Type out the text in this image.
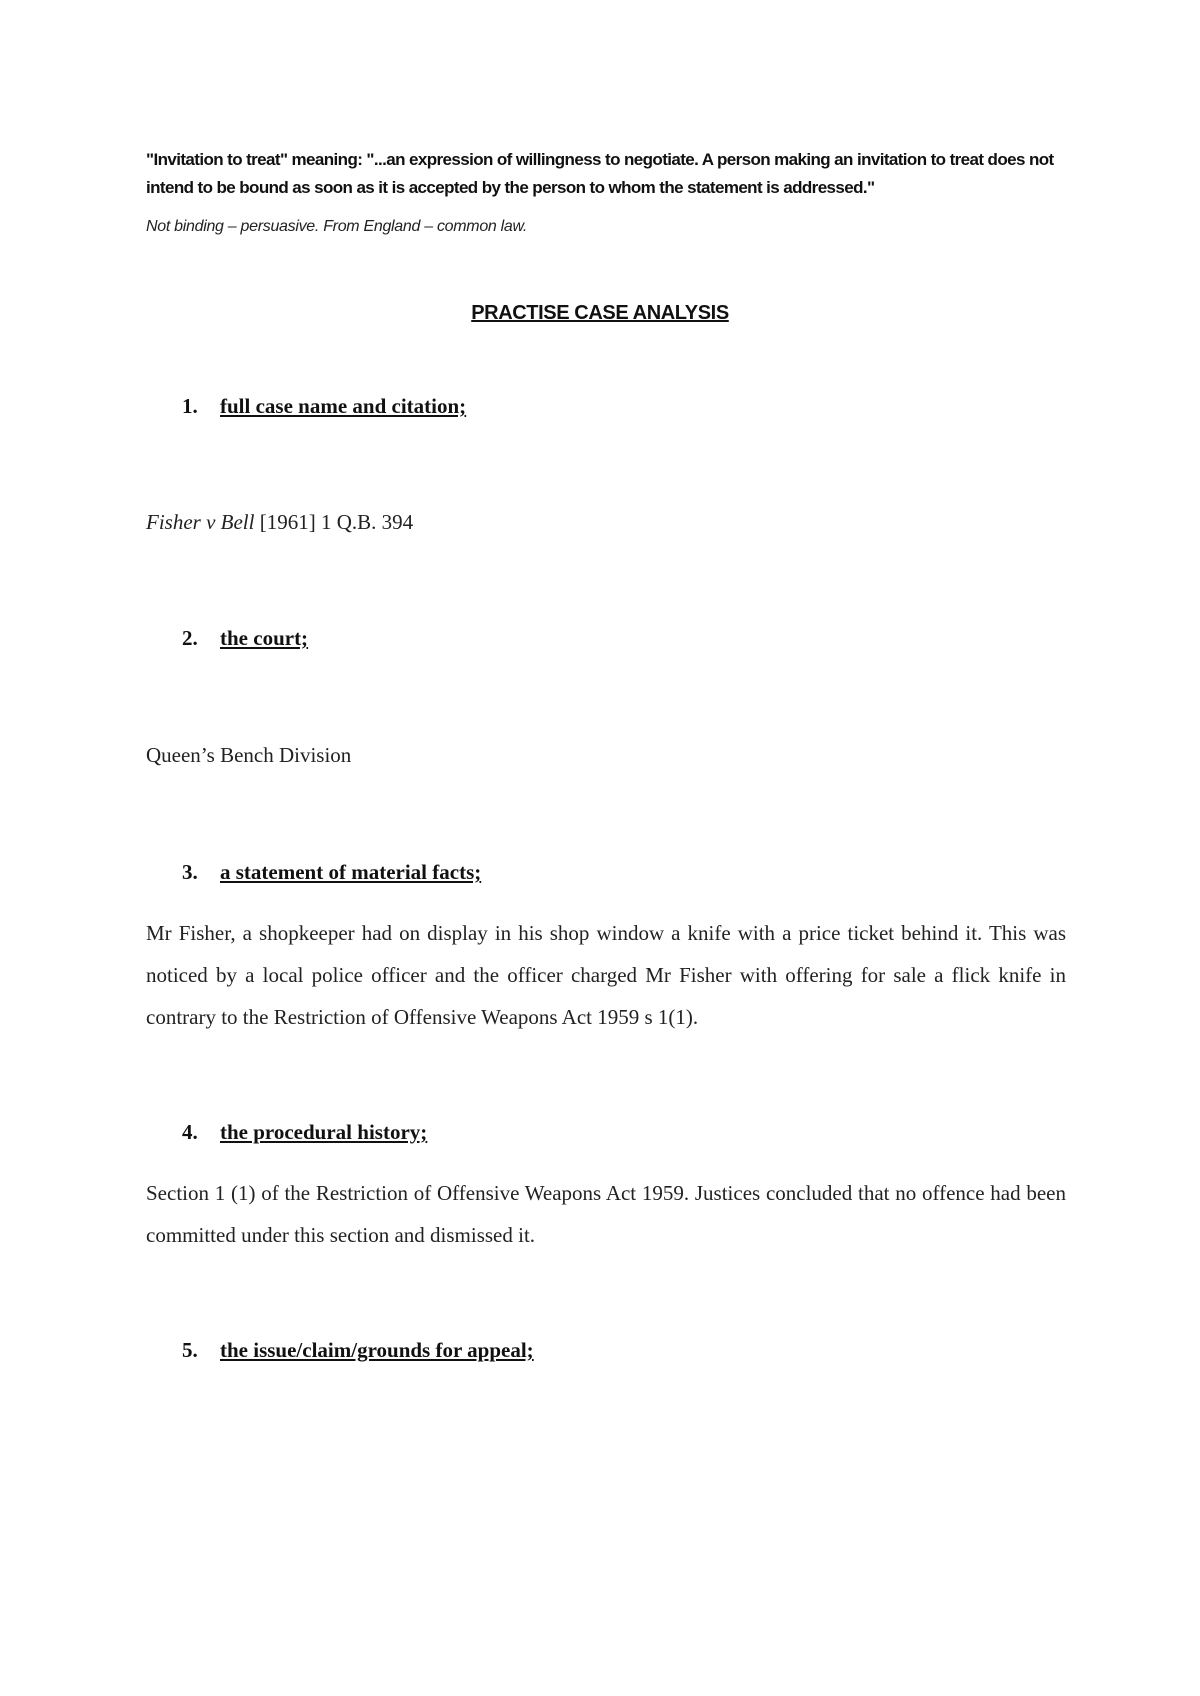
"Invitation to treat" meaning: "...an expression of willingness to negotiate. A person making an invitation to treat does not intend to be bound as soon as it is accepted by the person to whom the statement is addressed."
Not binding – persuasive. From England – common law.
PRACTISE CASE ANALYSIS
1. full case name and citation;
Fisher v Bell [1961] 1 Q.B. 394
2. the court;
Queen’s Bench Division
3. a statement of material facts;
Mr Fisher, a shopkeeper had on display in his shop window a knife with a price ticket behind it. This was noticed by a local police officer and the officer charged Mr Fisher with offering for sale a flick knife in contrary to the Restriction of Offensive Weapons Act 1959 s 1(1).
4. the procedural history;
Section 1 (1) of the Restriction of Offensive Weapons Act 1959. Justices concluded that no offence had been committed under this section and dismissed it.
5. the issue/claim/grounds for appeal;
